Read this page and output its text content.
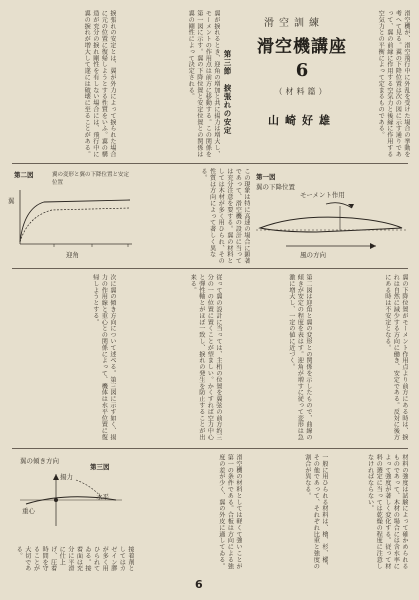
滑空訓練
滑空機講座
6
（材料篇）
山崎好雄
第三節　捩張れの安定	滑空機が、滑空飛行中に外乱を受けた場合の挙動を考へて見る。翼の下降位置は次の図に示す通りであって、翼の前縁に作用する空気力と後縁に作用する空気力との平衡によって定まるものである。
翼が捩れるとき、迎角の増加と共に揚力は増大し、モーメントの作用点は前方に移動する。この関係を第一図に示す。翼の下降位置と安定位置との関係は翼の剛性によって決定される。
捩張れの安定とは、翼が外力によって捩られた場合に元の位置に復帰しようとする性質をいふ。翼の構造が充分の捩れ剛性を有しない場合には、飛行中に翼の捩れが増大して遂には破壊に至ることがある。
第二図	翼の変形と翼の下降位置と安定位置
翼
迎角	この現象は特に高速の場合に顕著であって、滑空機の設計に当っては充分注意を要する。翼の材料としては木材が多く用ひられ、その性質は方向によって著しく異なる。	第一図
翼の下降位置
モーメント作用
風の方向
翼の下降位置がモーメント作用点より前方にある時は、捩れは自然に減少する方向に働き、安定である。反対に後方にある時は不安定となる。
第二図は迎角と翼の変形との関係を示したもので、曲線の傾きが安定の程度を表はす。迎角が増すに従って変形は急激に増大し、一定の値に近づく。
従って翼の設計に当っては、主桁の位置を翼弦の前方約三分の一の位置に置くことが望ましい。かくすれば空力中心と弾性軸とがほぼ一致し、捩れの発生を防止することが出来る。
次に翼の傾き方向について述べる。第三図に示す如く、揚力の作用線と重心との関係によって、機体は水平位置に復帰しようとする。
第三図
翼の傾き方向
揚力
重心
水平	材料の強度は試験によって確かめられるものであって、木材の場合には含水率によって強度が著しく変化する。従って材料の選定に当っては乾燥の程度に注意しなければならない。
一般に用ひられる材料は、檜、杉、樅、その他であって、それぞれ比重と強度の割合が異なる。
滑空機の材料としては軽くて強いことが第一の条件である。合板は方向による強度の差が少く、翼の外皮に適してゐる。
接着剤としてはカゼイン膠が多く用ひられてゐる。接着面は充分に平滑に仕上げ、圧着時間を守ることが大切である。
6
